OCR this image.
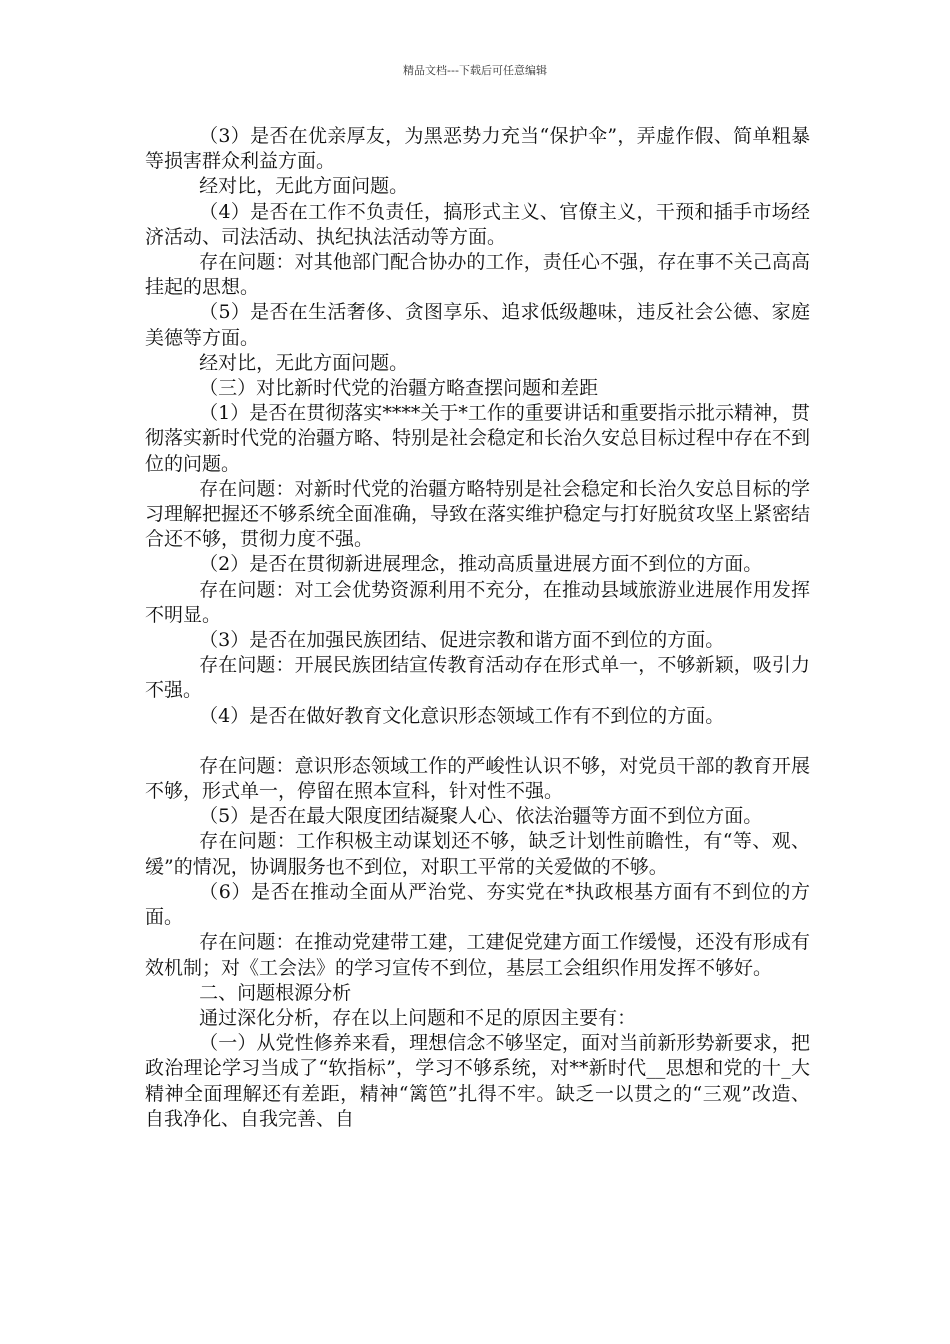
精品文档---下载后可任意编辑

（3）是否在优亲厚友，为黑恶势力充当“保护伞”，弄虚作假、简单粗暴等损害群众利益方面。

经对比，无此方面问题。

（4）是否在工作不负责任，搞形式主义、官僚主义，干预和插手市场经济活动、司法活动、执纪执法活动等方面。

存在问题：对其他部门配合协办的工作，责任心不强，存在事不关己高高挂起的思想。

（5）是否在生活奢侈、贪图享乐、追求低级趣味，违反社会公德、家庭美德等方面。

经对比，无此方面问题。

（三）对比新时代党的治疆方略查摆问题和差距

（1）是否在贯彻落实****关于*工作的重要讲话和重要指示批示精神，贯彻落实新时代党的治疆方略、特别是社会稳定和长治久安总目标过程中存在不到位的问题。

存在问题：对新时代党的治疆方略特别是社会稳定和长治久安总目标的学习理解把握还不够系统全面准确，导致在落实维护稳定与打好脱贫攻坚上紧密结合还不够，贯彻力度不强。

（2）是否在贯彻新进展理念，推动高质量进展方面不到位的方面。

存在问题：对工会优势资源利用不充分，在推动县域旅游业进展作用发挥不明显。

（3）是否在加强民族团结、促进宗教和谐方面不到位的方面。

存在问题：开展民族团结宣传教育活动存在形式单一，不够新颖，吸引力不强。

（4）是否在做好教育文化意识形态领域工作有不到位的方面。

存在问题：意识形态领域工作的严峻性认识不够，对党员干部的教育开展不够，形式单一，停留在照本宣科，针对性不强。

（5）是否在最大限度团结凝聚人心、依法治疆等方面不到位方面。

存在问题：工作积极主动谋划还不够，缺乏计划性前瞻性，有“等、观、缓”的情况，协调服务也不到位，对职工平常的关爱做的不够。

（6）是否在推动全面从严治党、夯实党在*执政根基方面有不到位的方面。

存在问题：在推动党建带工建，工建促党建方面工作缓慢，还没有形成有效机制；对《工会法》的学习宣传不到位，基层工会组织作用发挥不够好。

二、问题根源分析

通过深化分析，存在以上问题和不足的原因主要有：

（一）从党性修养来看，理想信念不够坚定，面对当前新形势新要求，把政治理论学习当成了“软指标”，学习不够系统，对**新时代__思想和党的十_大精神全面理解还有差距，精神“篱笆”扎得不牢。缺乏一以贯之的“三观”改造、自我净化、自我完善、自
